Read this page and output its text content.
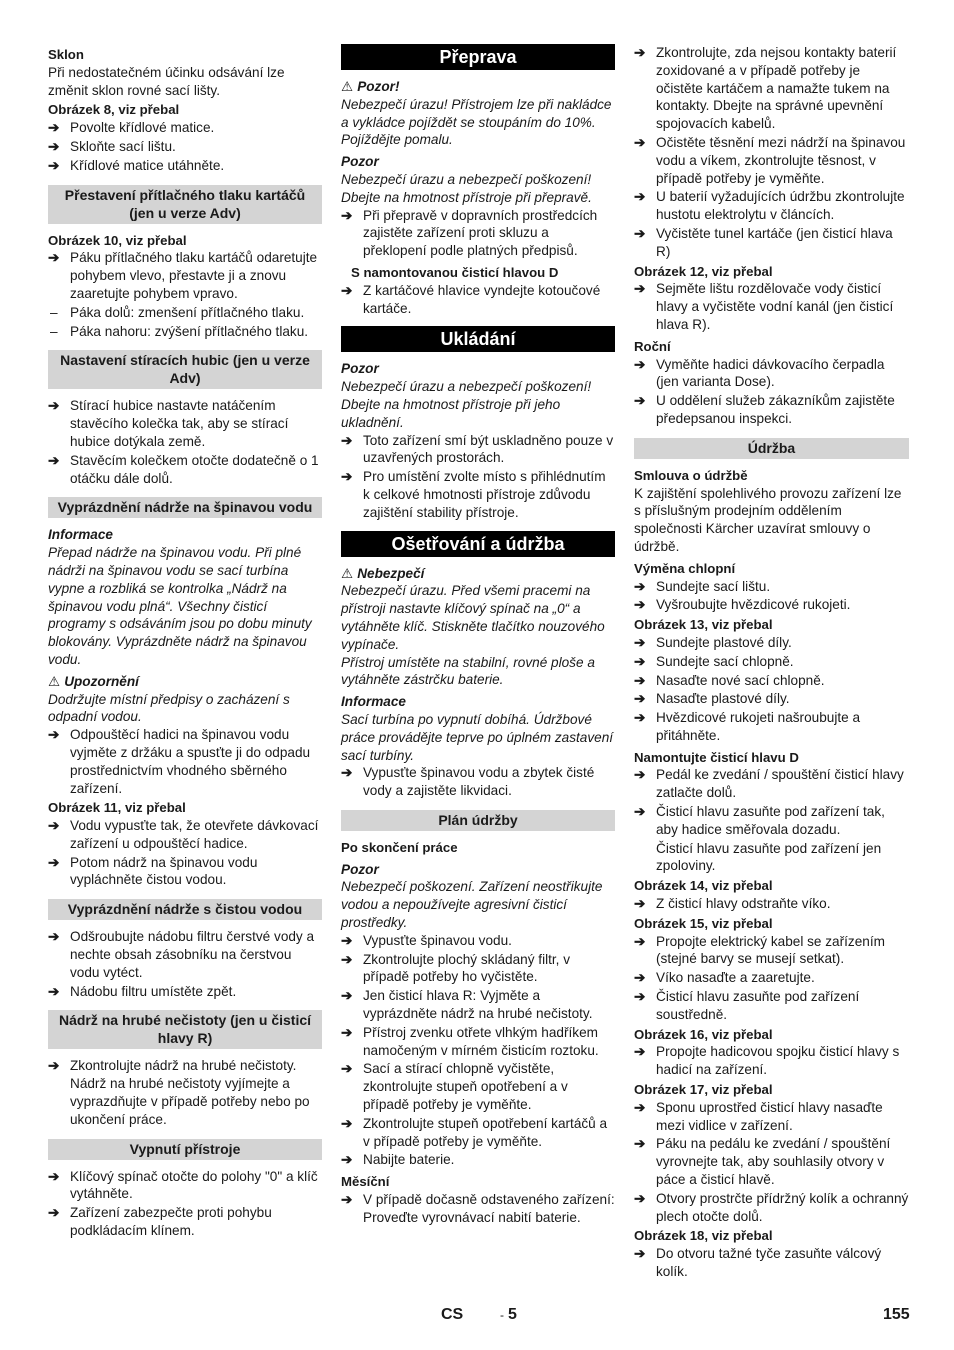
Sklon

Při nedostatečném účinku odsávání lze změnit sklon rovné sací lišty.

Obrázek 8, viz přebal
➔ Povolte křídlové matice.
➔ Skloňte sací lištu.
➔ Křídlové matice utáhněte.
Přestavení přítlačného tlaku kartáčů (jen u verze Adv)
Obrázek 10, viz přebal
➔ Páku přítlačného tlaku kartáčů odaretujte pohybem vlevo, přestavte ji a znovu zaaretujte pohybem vpravo.
– Páka dolů: zmenšení přítlačného tlaku.
– Páka nahoru: zvýšení přítlačného tlaku.
Nastavení stíracích hubic (jen u verze Adv)
➔ Stírací hubice nastavte natáčením stavěcího kolečka tak, aby se stírací hubice dotýkala země.
➔ Stavěcím kolečkem otočte dodatečně o 1 otáčku dále dolů.
Vyprázdnění nádrže na špinavou vodu
Informace

Přepad nádrže na špinavou vodu. Při plné nádrži na špinavou vodu se sací turbína vypne a rozbliká se kontrolka „Nádrž na špinavou vodu plná“. Všechny čisticí programy s odsáváním jsou po dobu minuty blokovány. Vyprázdněte nádrž na špinavou vodu.

⚠ Upozornění

Dodržujte místní předpisy o zacházení s odpadní vodou.

➔ Odpouštěcí hadici na špinavou vodu vyjměte z držáku a spusťte ji do odpadu prostřednictvím vhodného sběrného zařízení.
Obrázek 11, viz přebal
➔ Vodu vypusťte tak, že otevřete dávkovací zařízení u odpouštěcí hadice.
➔ Potom nádrž na špinavou vodu vypláchněte čistou vodou.
Vyprázdnění nádrže s čistou vodou
➔ Odšroubujte nádobu filtru čerstvé vody a nechte obsah zásobníku na čerstvou vodu vytéct.
➔ Nádobu filtru umístěte zpět.
Nádrž na hrubé nečistoty (jen u čisticí hlavy R)
➔ Zkontrolujte nádrž na hrubé nečistoty. Nádrž na hrubé nečistoty vyjímejte a vyprazdňujte v případě potřeby nebo po ukončení práce.
Vypnutí přístroje
➔ Klíčový spínač otočte do polohy "0" a klíč vytáhněte.
➔ Zařízení zabezpečte proti pohybu podkládacím klínem.
Přeprava
⚠ Pozor!

Nebezpečí úrazu! Přístrojem lze při nakládce a vykládce pojíždět se stoupáním do 10%. Pojíždějte pomalu.

Pozor

Nebezpečí úrazu a nebezpečí poškození! Dbejte na hmotnost přístroje při přepravě.

➔ Při přepravě v dopravních prostředcích zajistěte zařízení proti skluzu a překlopení podle platných předpisů.
S namontovanou čisticí hlavou D
➔ Z kartáčové hlavice vyndejte kotoučové kartáče.
Ukládání
Pozor

Nebezpečí úrazu a nebezpečí poškození! Dbejte na hmotnost přístroje při jeho ukladnění.

➔ Toto zařízení smí být uskladněno pouze v uzavřených prostorách.
➔ Pro umístění zvolte místo s přihlédnutím k celkové hmotnosti přístroje zdůvodu zajištění stability přístroje.
Ošetřování a údržba
⚠ Nebezpečí

Nebezpečí úrazu. Před všemi pracemi na přístroji nastavte klíčový spínač na „0“ a vytáhněte klíč. Stiskněte tlačítko nouzového vypínače.

Přístroj umístěte na stabilní, rovné ploše a vytáhněte zástrčku baterie.

Informace

Sací turbína po vypnutí dobíhá. Údržbové práce provádějte teprve po úplném zastavení sací turbíny.

➔ Vypusťte špinavou vodu a zbytek čisté vody a zajistěte likvidaci.
Plán údržby
Po skončení práce
Pozor

Nebezpečí poškození. Zařízení neostřikujte vodou a nepoužívejte agresivní čisticí prostředky.

➔ Vypusťte špinavou vodu.
➔ Zkontrolujte plochý skládaný filtr, v případě potřeby ho vyčistěte.
➔ Jen čisticí hlava R: Vyjměte a vyprázdněte nádrž na hrubé nečistoty.
➔ Přístroj zvenku otřete vlhkým hadříkem namočeným v mírném čisticím roztoku.
➔ Sací a stírací chlopně vyčistěte, zkontrolujte stupeň opotřebení a v případě potřeby je vyměňte.
➔ Zkontrolujte stupeň opotřebení kartáčů a v případě potřeby je vyměňte.
➔ Nabijte baterie.
Měsíční
➔ V případě dočasně odstaveného zařízení: Proveďte vyrovnávací nabití baterie.
➔ Zkontrolujte, zda nejsou kontakty baterií zoxidované a v případě potřeby je očistěte kartáčem a namažte tukem na kontakty. Dbejte na správné upevnění spojovacích kabelů.
➔ Očistěte těsnění mezi nádrží na špinavou vodu a víkem, zkontrolujte těsnost, v případě potřeby je vyměňte.
➔ U baterií vyžadujících údržbu zkontrolujte hustotu elektrolytu v článcích.
➔ Vyčistěte tunel kartáče (jen čisticí hlava R)
Obrázek 12, viz přebal
➔ Sejměte lištu rozdělovače vody čisticí hlavy a vyčistěte vodní kanál (jen čisticí hlava R).
Roční
➔ Vyměňte hadici dávkovacího čerpadla (jen varianta Dose).
➔ U oddělení služeb zákazníkům zajistěte předepsanou inspekci.
Údržba
Smlouva o údržbě

K zajištění spolehlivého provozu zařízení lze s příslušným prodejním oddělením společnosti Kärcher uzavírat smlouvy o údržbě.

Výměna chlopní
➔ Sundejte sací lištu.
➔ Vyšroubujte hvězdicové rukojeti.
Obrázek 13, viz přebal
➔ Sundejte plastové díly.
➔ Sundejte sací chlopně.
➔ Nasaďte nové sací chlopně.
➔ Nasaďte plastové díly.
➔ Hvězdicové rukojeti našroubujte a přitáhněte.
Namontujte čisticí hlavu D
➔ Pedál ke zvedání / spouštění čisticí hlavy zatlačte dolů.
➔ Čisticí hlavu zasuňte pod zařízení tak, aby hadice směřovala dozadu.

Čisticí hlavu zasuňte pod zařízení jen zpoloviny.

Obrázek 14, viz přebal
➔ Z čisticí hlavy odstraňte víko.
Obrázek 15, viz přebal
➔ Propojte elektrický kabel se zařízením (stejné barvy se musejí setkat).
➔ Víko nasaďte a zaaretujte.
➔ Čisticí hlavu zasuňte pod zařízení soustředně.
Obrázek 16, viz přebal
➔ Propojte hadicovou spojku čisticí hlavy s hadicí na zařízení.
Obrázek 17, viz přebal
➔ Sponu uprostřed čisticí hlavy nasaďte mezi vidlice v zařízení.
➔ Páku na pedálu ke zvedání / spouštění vyrovnejte tak, aby souhlasily otvory v páce a čisticí hlavě.
➔ Otvory prostrčte přídržný kolík a ochranný plech otočte dolů.
Obrázek 18, viz přebal
➔ Do otvoru tažné tyče zasuňte válcový kolík.
CS	- 5	155
